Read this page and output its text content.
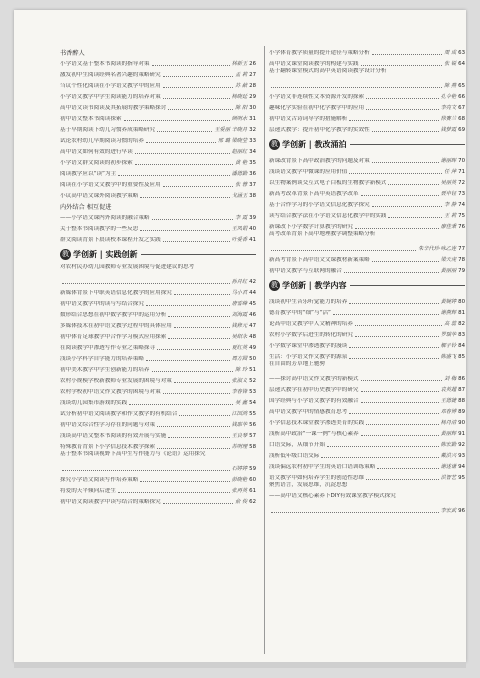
书香醉人
小学语文基于整本书阅读的指导对策	林新玉 26
激发初中生阅读经典名著兴趣的策略研究	孟 莉 27
刍议个性化阅读在小学语文教学中的应用	苏 献 28
小学语文教学中学生阅读能力的培养对策	杨晓廷 29
高中语文读书阅读及其拓展的教学策略探讨	陈 阳 30
初中语文整本书阅读探索	顾明水 31
基于早期阅读下幼儿习惯养成策略研究	王爱丽 辛晓月 32
试论农村幼儿早期阅读习惯的培养	邢 璐 梁晓莹 33
高中语文如何有效的进行早读	赵丽红 34
小学语文群文阅读的初步探索	黄 艳 35
阅读教学应以“读”为主	潘德勤 36
阅读在小学语文文教学中的重要性及应用	张 蓉 37
小议高中语文课外阅读教学策略	戈涵玉 38
内外结合 相互促进
——小学语文课内外阅读的融合策略	李 霞 39
关于整本书阅读教学的一些反思	王凤娟 40
群文阅读背景下晨读校本课程开发之实践	叶爱香 41
教 学创新 | 实践创新
对农村民办幼儿园教师专业发展困境与促进建议的思考
孙月红 42
新媒体背景下中职英语信息化教学的应用探究	马小君 44
初中语文教学中的读与写结合探究	唐雪峰 45
数形结合思想在初中数学教学中的运用分析	刘海霞 46
多媒体技术在初中语文教学过程中的具体应用	钱修元 47
初中体育足球教学中合作学习模式应用探索	吴绍永 48
在阅读教学中渗透写作专业之策略探寻	夏红英 49
浅谈小学科学自学能力的培养策略	周方圆 50
初中美术教学中学生创新能力的培养	陈 玲 51
农村小规模学校新教师专业发展的困境与对策	张淑义 52
农村学校初中语文作文教学的困境与对策	李春锋 53
浅谈幼儿园集市游戏的实践	吴 鑫 54
试分析初中语文阅读教学和作文教学的有机结合	江国鸿 55
初中语文综合性学习存在的问题与对策	钱耶华 56
浅谈高中语文整本书阅读的有效开展与实施	王良琴 57
特殊教育背景下小学信息技术教学探索	苏明理 58
基于整本书阅读视野下高中生写作能力与《论语》运用探究
石婷婷 59
探究小学语文阅读写作培养策略	彭晓艳 60
将爱的天平倾向后进生	张再英 61
初中语文阅读教学中读写结合的策略探究	俞 俊 62
小学体育教学质量的提升途径与策略分析	周 成 63
高中语文课堂阅读教学的构建与实践	张 锐 64
基于翻转课堂模式的高中英语阅读教学设计分析
陈 燕 65
小学语文非连续性文本资源开发的探索	孔令艳 66
趣味化学实验在初中化学教学中的应用	李亮文 67
初中语文古诗词导学的措施解析	徐赛兰 68
层递式教学：提升初中化学教学的实效性	钱梦霞 69
教 学创新 | 教改涌泊
新课改背景下高中政治教学的问题及对策	谢丽晖 70
浅谈语文教学中微课的应用价值	任 萍 71
以生物案例谈交互式电子白板的生物教学新模式	吴丽英 72
新高考改革背景下高中英语教学改革	聂申钰 73
基于合作学习的小学语文信息化教学探究	李 静 74
读写结合教学法在小学语文信息化教学中的实践	王 莉 75
新课改下小学数学计算教学的研究	廖佳秉 76
高考改革背景下高中地理教学调整策略分析
朱辛代珍·咏乙连 77
新高考背景下高中语文文课教材新案策略	梁天虎 78
初中语文教学与互联网的融合	黄丽丽 79
教 学创新 | 教学内容
浅谈初中生音乐听觉能力的培养	黄婉婷 80
德育教学中的“细”与“活”	谢燕辉 81
论高中语文教学中人文精神的培养	高 蕊 82
农村小学数学后进生的转化的研究	罗瑞华 83
小学数学课堂中渗透教学的漫谈	解子铃 84
生活：小学语文作文教学的源泉	陈盛飞 85
在自由的芳草地上驰骋
——探讨高中语文作文教学的新模式	刘 梅 86
层递式教学在初中历史教学中的研究	袁英超 87
国学经典与小学语文教学的有效融合	王德婕 88
高中语文教学中的情感教育思考	邓春博 89
小学信息技术课堂教学渗透美育的实践	杨丹清 90
浅析高中政治“一课一例”与核心素养	黄丽辉 91
口语交际，从细节开始	陈宏勤 92
浅析低年级口语交际	戴洪兴 93
浅谈偏远农村初中学生的英语口语训练策略	谢述谦 94
语文教学中如何培养学生的创造性思维	洪智艺 95
聚焦语言，发展思维，沉淀思想
——高中语文核心素养下DIY有效课堂教学模式探究
李宏武 96
